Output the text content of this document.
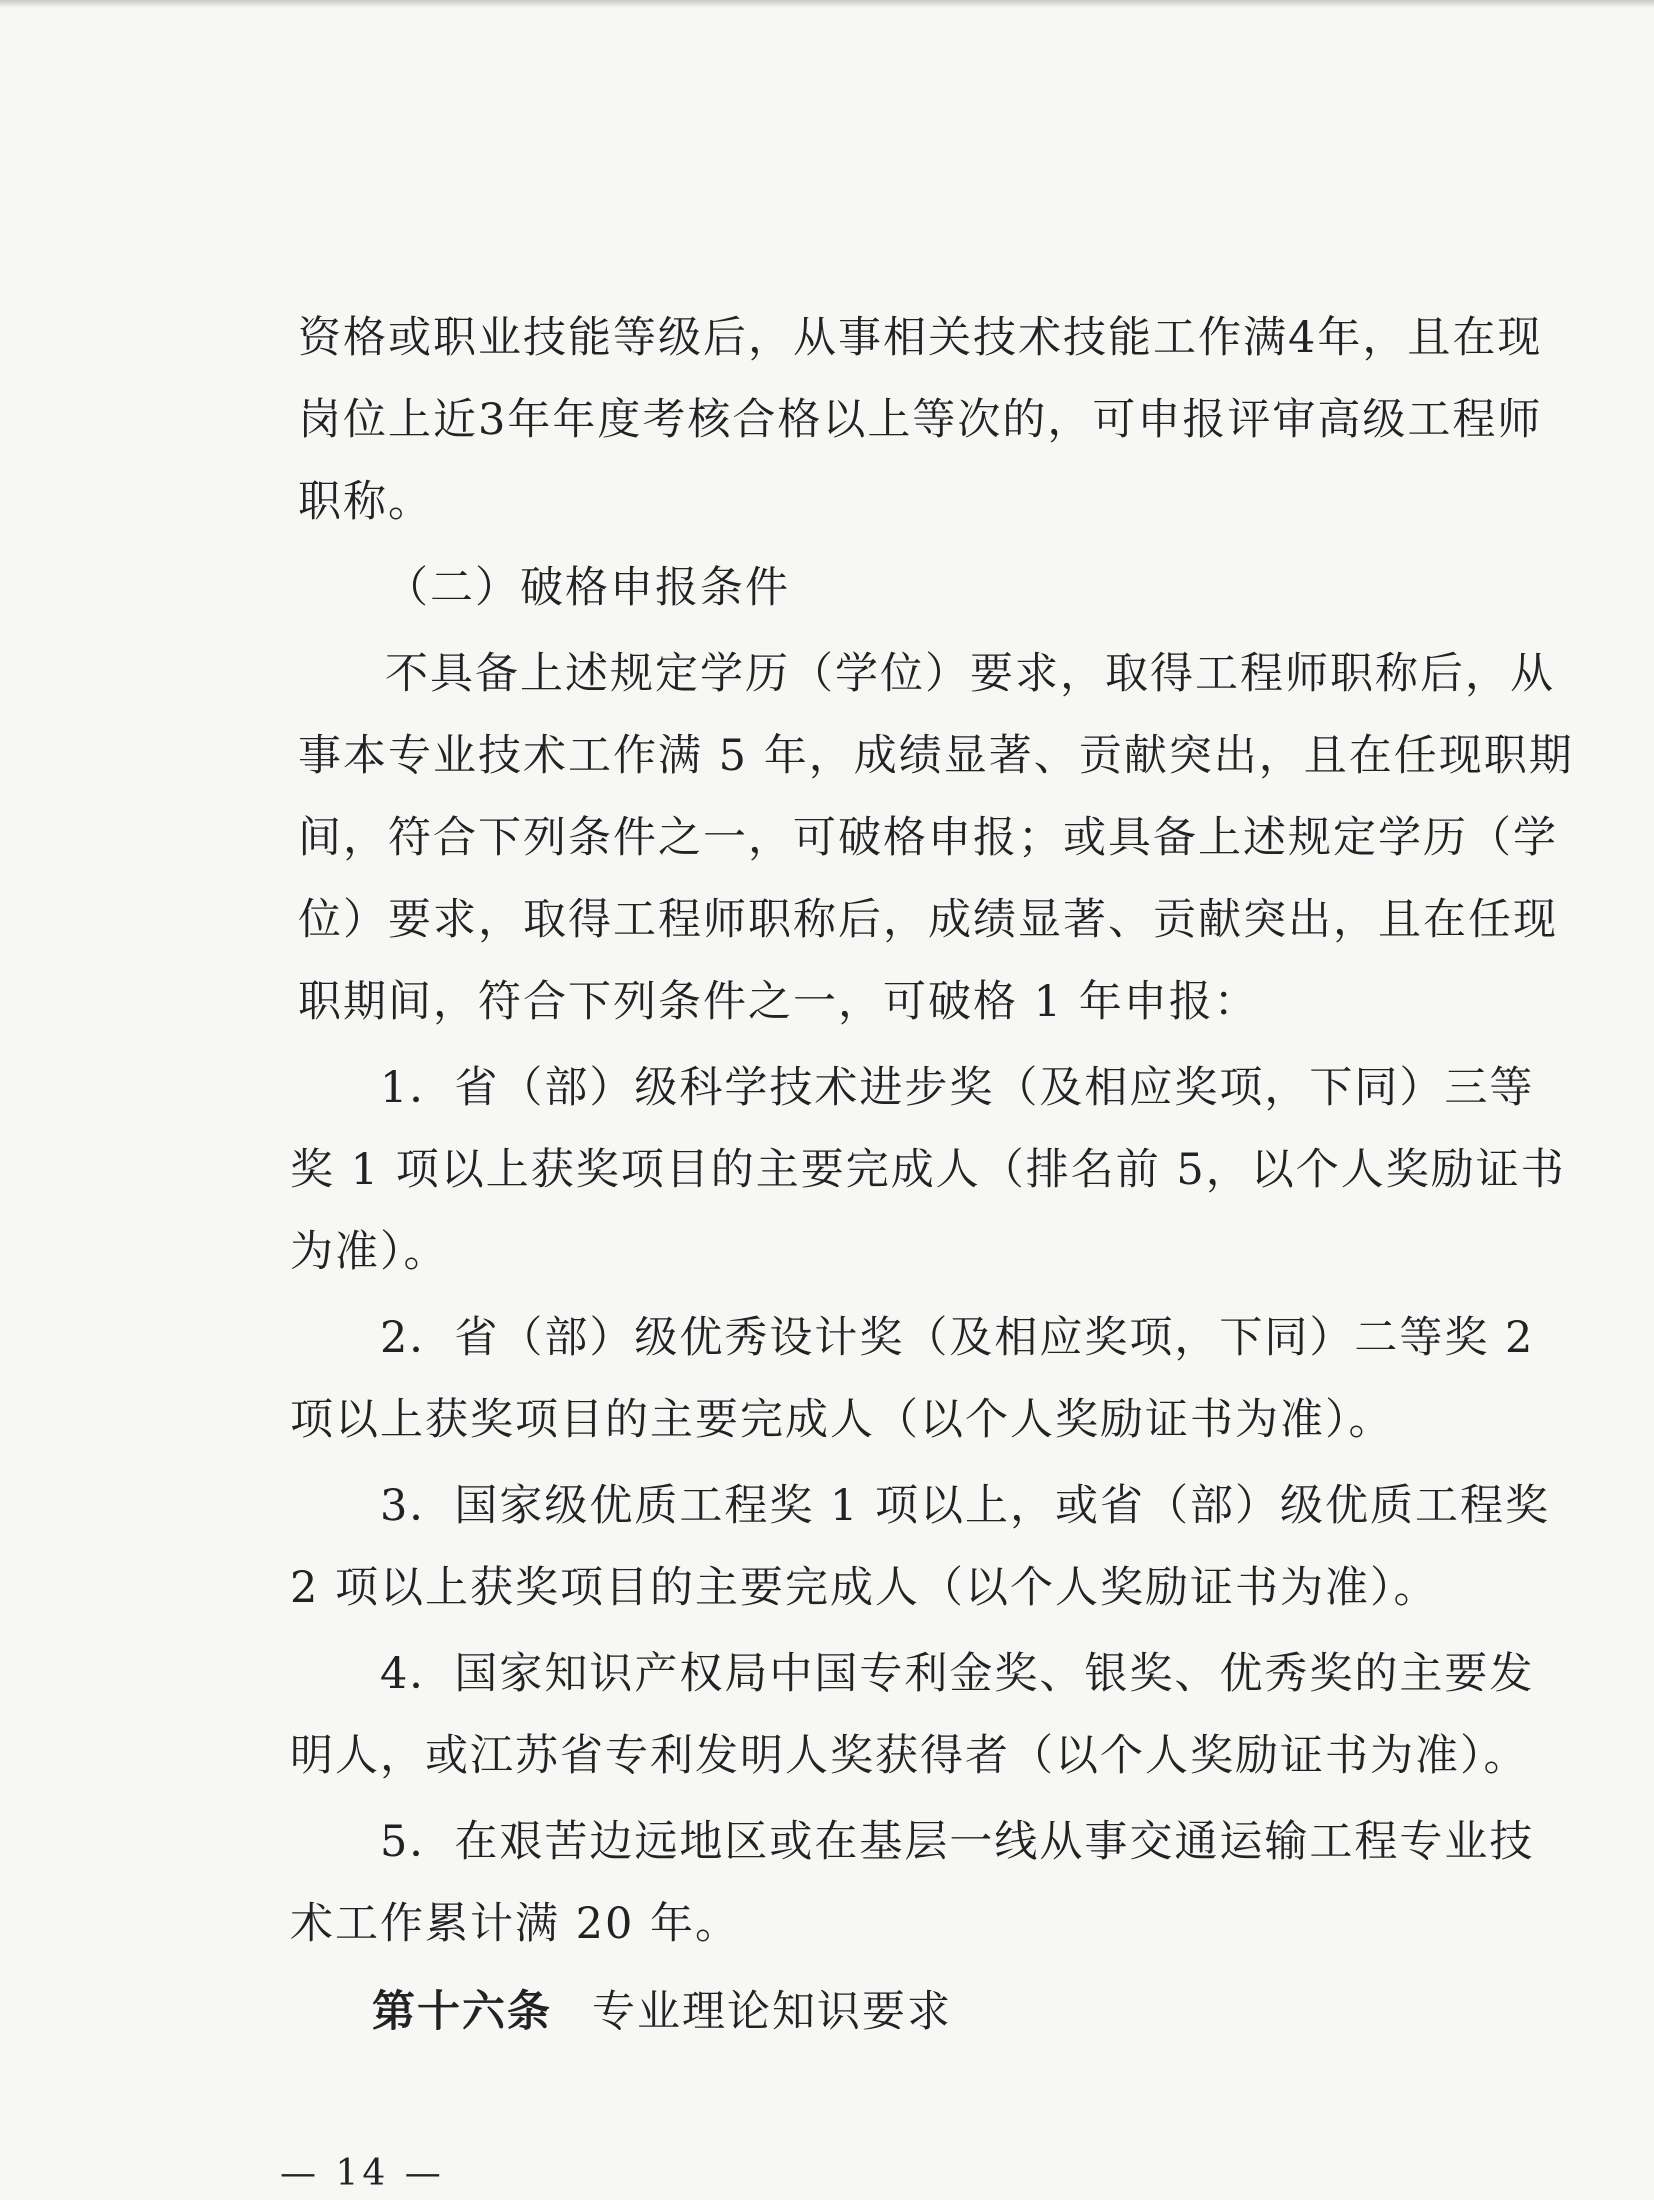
资格或职业技能等级后，从事相关技术技能工作满4年，且在现
岗位上近3年年度考核合格以上等次的，可申报评审高级工程师
职称。
（二）破格申报条件
不具备上述规定学历（学位）要求，取得工程师职称后，从
事本专业技术工作满 5 年，成绩显著、贡献突出，且在任现职期
间，符合下列条件之一，可破格申报；或具备上述规定学历（学
位）要求，取得工程师职称后，成绩显著、贡献突出，且在任现
职期间，符合下列条件之一，可破格 1 年申报：
1．省（部）级科学技术进步奖（及相应奖项，下同）三等
奖 1 项以上获奖项目的主要完成人（排名前 5，以个人奖励证书
为准）。
2．省（部）级优秀设计奖（及相应奖项，下同）二等奖 2
项以上获奖项目的主要完成人（以个人奖励证书为准）。
3．国家级优质工程奖 1 项以上，或省（部）级优质工程奖
2 项以上获奖项目的主要完成人（以个人奖励证书为准）。
4．国家知识产权局中国专利金奖、银奖、优秀奖的主要发
明人，或江苏省专利发明人奖获得者（以个人奖励证书为准）。
5．在艰苦边远地区或在基层一线从事交通运输工程专业技
术工作累计满 20 年。
第十六条 专业理论知识要求
— 14 —
